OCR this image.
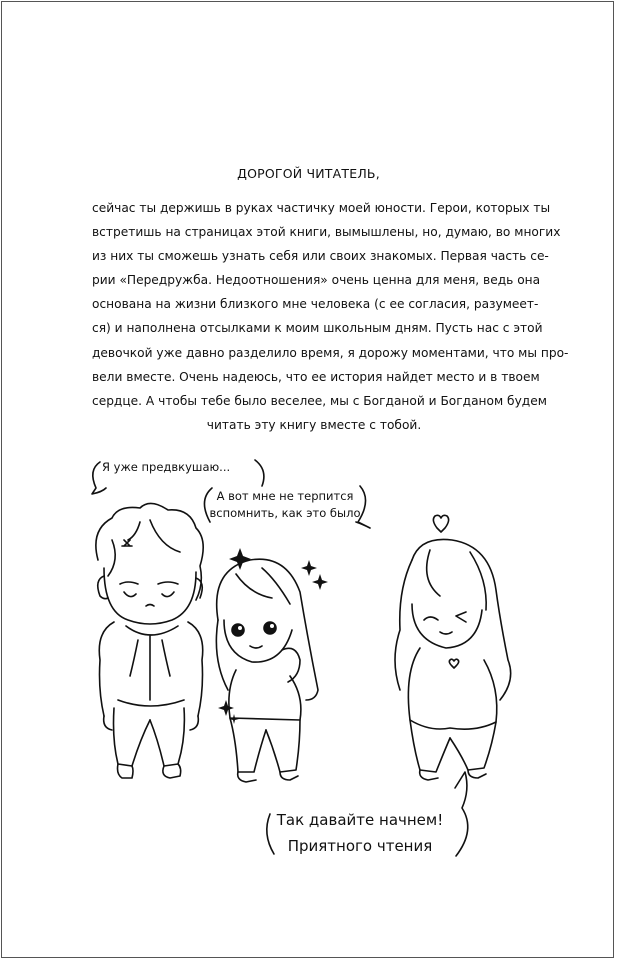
ДОРОГОЙ ЧИТАТЕЛЬ,
сейчас ты держишь в руках частичку моей юности. Герои, которых ты
встретишь на страницах этой книги, вымышлены, но, думаю, во многих
из них ты сможешь узнать себя или своих знакомых. Первая часть се-
рии «Передружба. Недоотношения» очень ценна для меня, ведь она
основана на жизни близкого мне человека (с ее согласия, разумеет-
ся) и наполнена отсылками к моим школьным дням. Пусть нас с этой
девочкой уже давно разделило время, я дорожу моментами, что мы про-
вели вместе. Очень надеюсь, что ее история найдет место и в твоем
сердце. А чтобы тебе было веселее, мы с Богданой и Богданом будем
читать эту книгу вместе с тобой.
Я уже предвкушаю...
А вот мне не терпится
вспомнить, как это было
Так давайте начнем!
Приятного чтения
